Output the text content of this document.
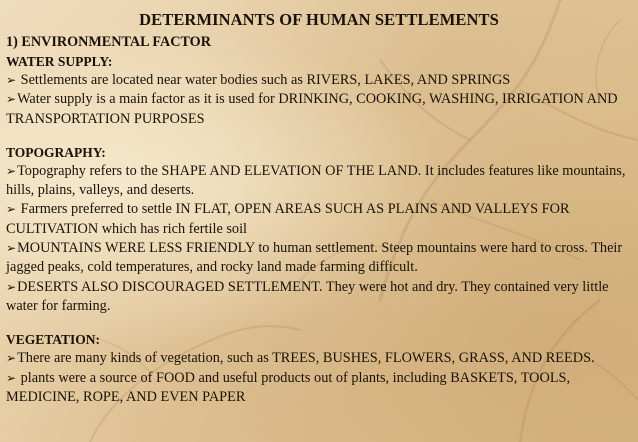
DETERMINANTS OF HUMAN SETTLEMENTS
1) ENVIRONMENTAL FACTOR
WATER SUPPLY:

➢ Settlements are located near water bodies such as RIVERS, LAKES, AND SPRINGS

➢Water supply is a main factor as it is used for DRINKING, COOKING, WASHING, IRRIGATION AND TRANSPORTATION PURPOSES

TOPOGRAPHY:

➢Topography refers to the SHAPE AND ELEVATION OF THE LAND. It includes features like mountains, hills, plains, valleys, and deserts.

➢ Farmers preferred to settle IN FLAT, OPEN AREAS SUCH AS PLAINS AND VALLEYS FOR CULTIVATION which has rich fertile soil

➢MOUNTAINS WERE LESS FRIENDLY to human settlement. Steep mountains were hard to cross. Their jagged peaks, cold temperatures, and rocky land made farming difficult.

➢DESERTS ALSO DISCOURAGED SETTLEMENT. They were hot and dry. They contained very little water for farming.

VEGETATION:

➢There are many kinds of vegetation, such as TREES, BUSHES, FLOWERS, GRASS, AND REEDS.

➢ plants were a source of FOOD and useful products out of plants, including BASKETS, TOOLS, MEDICINE, ROPE, AND EVEN PAPER
